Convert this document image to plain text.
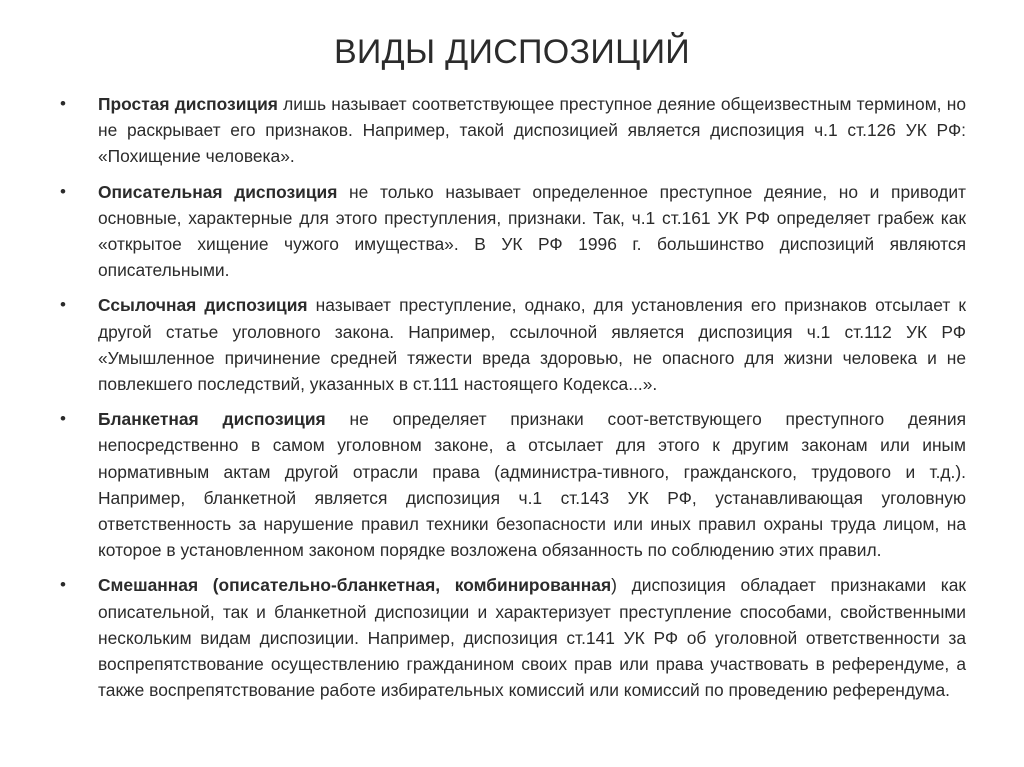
ВИДЫ ДИСПОЗИЦИЙ
•	Простая диспозиция лишь называет соответствующее преступное деяние общеизвестным термином, но не раскрывает его признаков. Например, такой диспозицией является диспозиция ч.1 ст.126 УК РФ: «Похищение человека».
•	Описательная диспозиция не только называет определенное преступное деяние, но и приводит основные, характерные для этого преступления, признаки. Так, ч.1 ст.161 УК РФ определяет грабеж как «открытое хищение чужого имущества». В УК РФ 1996 г. большинство диспозиций являются описательными.
•	Ссылочная диспозиция называет преступление, однако, для установления его признаков отсылает к другой статье уголовного закона. Например, ссылочной является диспозиция ч.1 ст.112 УК РФ «Умышленное причинение средней тяжести вреда здоровью, не опасного для жизни человека и не повлекшего последствий, указанных в ст.111 настоящего Кодекса...».
•	Бланкетная диспозиция не определяет признаки соот-ветствующего преступного деяния непосредственно в самом уголовном законе, а отсылает для этого к другим законам или иным нормативным актам другой отрасли права (администра-тивного, гражданского, трудового и т.д.). Например, бланкетной является диспозиция ч.1 ст.143 УК РФ, устанавливающая уголовную ответственность за нарушение правил техники безопасности или иных правил охраны труда лицом, на которое в установленном законом порядке возложена обязанность по соблюдению этих правил.
•	Смешанная (описательно-бланкетная, комбинированная) диспозиция обладает признаками как описательной, так и бланкетной диспозиции и характеризует преступление способами, свойственными нескольким видам диспозиции. Например, диспозиция ст.141 УК РФ об уголовной ответственности за воспрепятствование осуществлению гражданином своих прав или права участвовать в референдуме, а также воспрепятствование работе избирательных комиссий или комиссий по проведению референдума.
